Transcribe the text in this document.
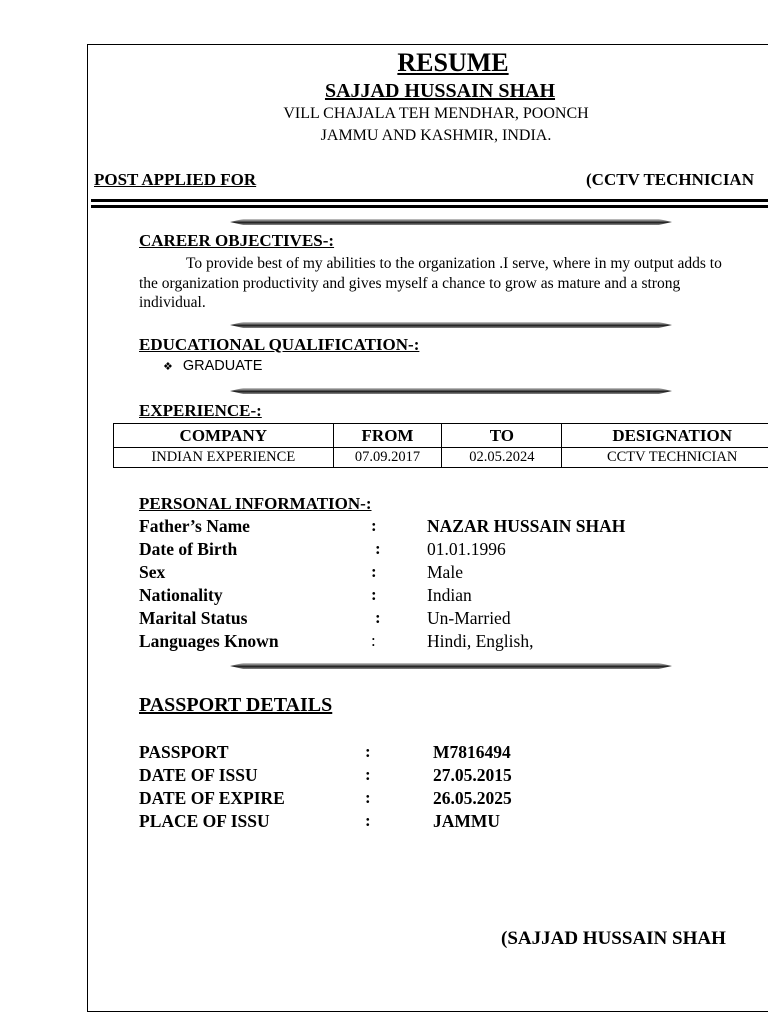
RESUME
SAJJAD HUSSAIN SHAH
VILL CHAJALA TEH MENDHAR, POONCH
JAMMU AND KASHMIR, INDIA.
POST APPLIED FOR	(CCTV TECHNICIAN
CAREER OBJECTIVES-:

To provide best of my abilities to the organization .I serve, where in my output adds to the organization productivity and gives myself a chance to grow as mature and a strong individual.

EDUCATIONAL QUALIFICATION-:
❖ GRADUATE
EXPERIENCE-:
COMPANY	FROM	TO	DESIGNATION
INDIAN EXPERIENCE	07.09.2017	02.05.2024	CCTV TECHNICIAN
PERSONAL INFORMATION-:
Father’s Name	:	NAZAR HUSSAIN SHAH
Date of Birth	:	01.01.1996
Sex	:	Male
Nationality	:	Indian
Marital Status	:	Un-Married
Languages Known	:	Hindi, English,
PASSPORT DETAILS
PASSPORT	:	M7816494
DATE OF ISSU	:	27.05.2015
DATE OF EXPIRE	:	26.05.2025
PLACE OF ISSU	:	JAMMU
(SAJJAD HUSSAIN SHAH
